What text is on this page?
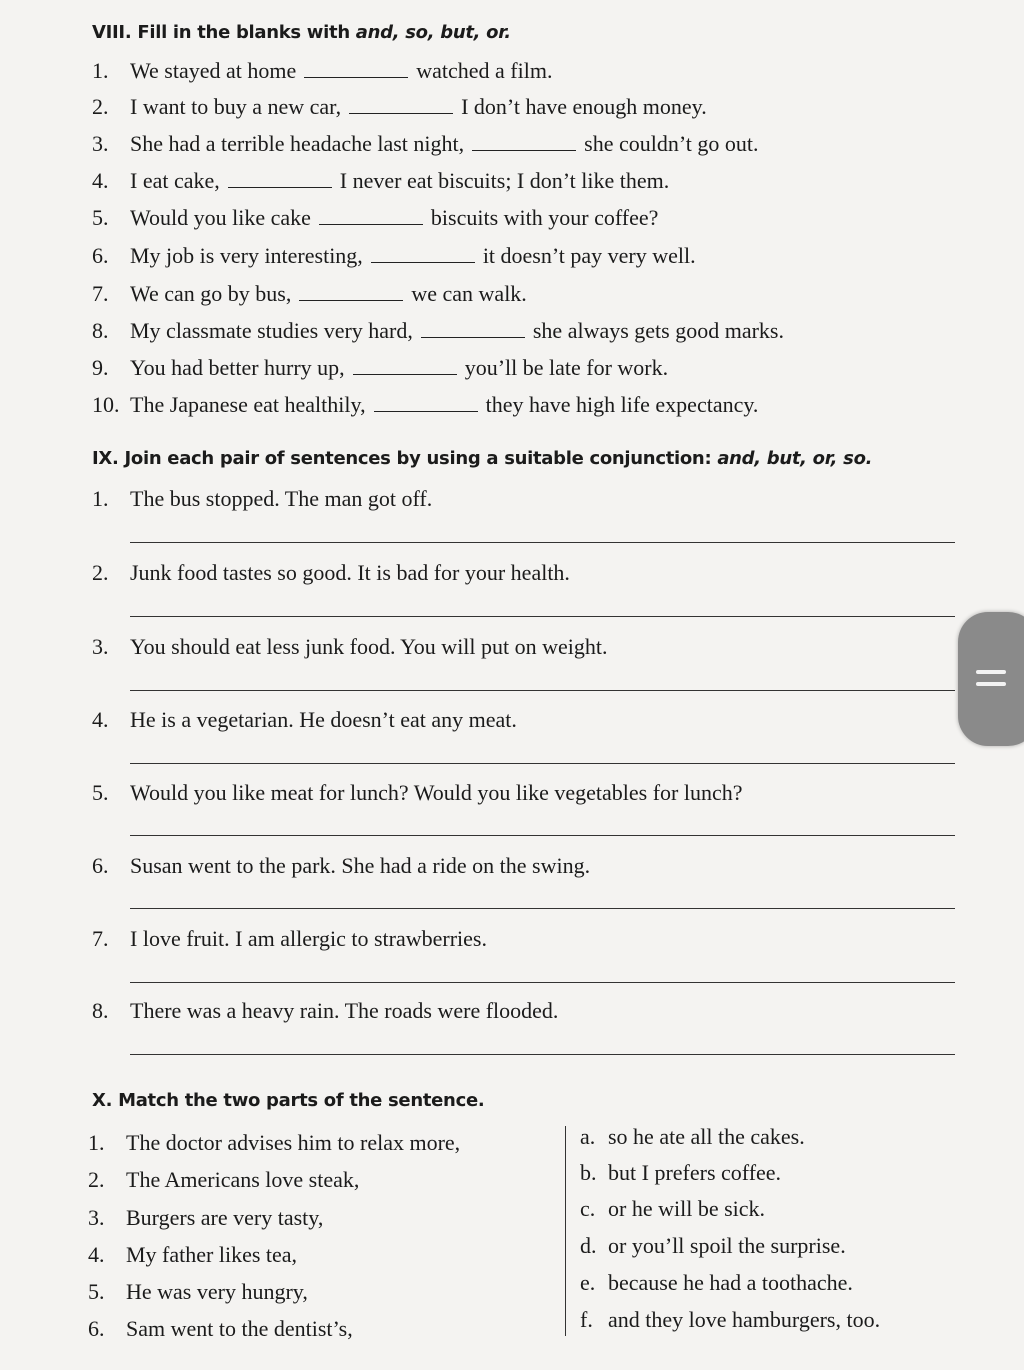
VIII. Fill in the blanks with and, so, but, or.
1. We stayed at home	watched a film.
2. I want to buy a new car,	I don’t have enough money.
3. She had a terrible headache last night,	she couldn’t go out.
4. I eat cake,	I never eat biscuits; I don’t like them.
5. Would you like cake	biscuits with your coffee?
6. My job is very interesting,	it doesn’t pay very well.
7. We can go by bus,	we can walk.
8. My classmate studies very hard,	she always gets good marks.
9. You had better hurry up,	you’ll be late for work.
10. The Japanese eat healthily,	they have high life expectancy.
IX. Join each pair of sentences by using a suitable conjunction: and, but, or, so.
1. The bus stopped. The man got off.
2. Junk food tastes so good. It is bad for your health.
3. You should eat less junk food. You will put on weight.
4. He is a vegetarian. He doesn’t eat any meat.
5. Would you like meat for lunch? Would you like vegetables for lunch?
6. Susan went to the park. She had a ride on the swing.
7. I love fruit. I am allergic to strawberries.
8. There was a heavy rain. The roads were flooded.
X. Match the two parts of the sentence.
1. The doctor advises him to relax more,
2. The Americans love steak,
3. Burgers are very tasty,
4. My father likes tea,
5. He was very hungry,
6. Sam went to the dentist’s,
a. so he ate all the cakes.
b. but I prefers coffee.
c. or he will be sick.
d. or you’ll spoil the surprise.
e. because he had a toothache.
f. and they love hamburgers, too.
